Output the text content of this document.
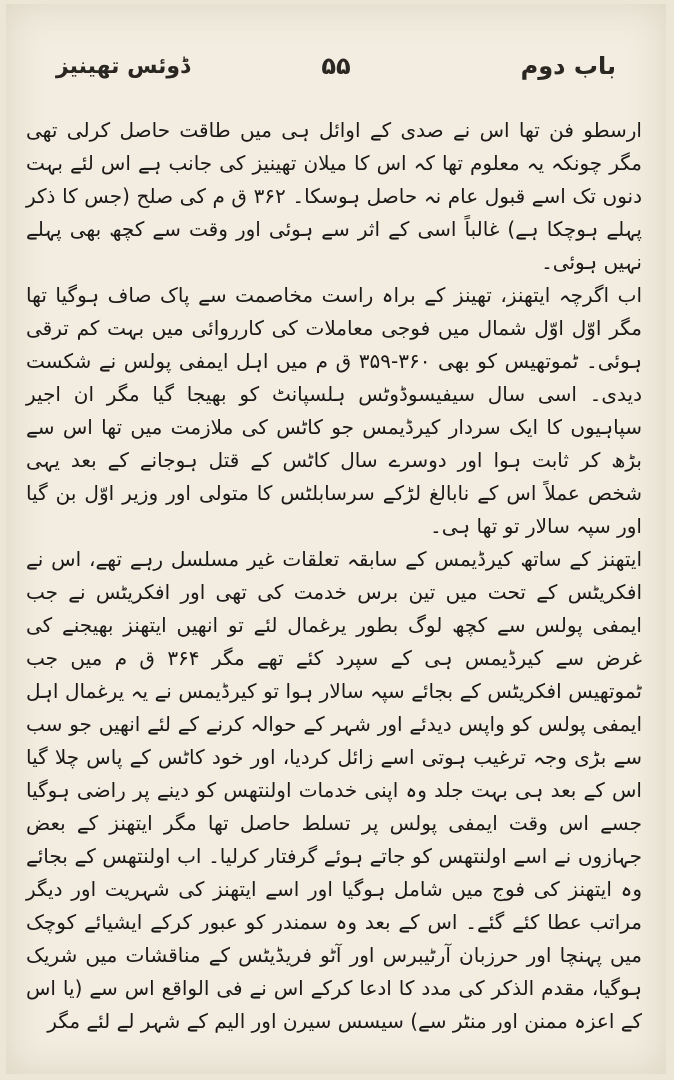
باب دوم
۵۵
ڈوئس تھینیز

ارسطو فن تھا اس نے صدی کے اوائل ہی میں طاقت حاصل کرلی تھی مگر چونکہ یہ معلوم تھا کہ اس کا میلان تھینیز کی جانب ہے اس لئے بہت دنوں تک اسے قبول عام نہ حاصل ہوسکا۔ ۳۶۲ ق م کی صلح (جس کا ذکر پہلے ہوچکا ہے) غالباً اسی کے اثر سے ہوئی اور وقت سے کچھ بھی پہلے نہیں ہوئی۔

اب اگرچہ ایتھنز، تھینز کے براہ راست مخاصمت سے پاک صاف ہوگیا تھا مگر اوّل اوّل شمال میں فوجی معاملات کی کارروائی میں بہت کم ترقی ہوئی۔ ٹموتھیس کو بھی ۳۶۰-۳۵۹ ق م میں اہل ایمفی پولس نے شکست دیدی۔ اسی سال سیفیسوڈوٹس ہلسپانٹ کو بھیجا گیا مگر ان اجیر سپاہیوں کا ایک سردار کیرڈیمس جو کاٹس کی ملازمت میں تھا اس سے بڑھ کر ثابت ہوا اور دوسرے سال کاٹس کے قتل ہوجانے کے بعد یہی شخص عملاً اس کے نابالغ لڑکے سرسابلٹس کا متولی اور وزیر اوّل بن گیا اور سپہ سالار تو تھا ہی۔

ایتھنز کے ساتھ کیرڈیمس کے سابقہ تعلقات غیر مسلسل رہے تھے، اس نے افکریٹس کے تحت میں تین برس خدمت کی تھی اور افکریٹس نے جب ایمفی پولس سے کچھ لوگ بطور یرغمال لئے تو انھیں ایتھنز بھیجنے کی غرض سے کیرڈیمس ہی کے سپرد کئے تھے مگر ۳۶۴ ق م میں جب ٹموتھیس افکریٹس کے بجائے سپہ سالار ہوا تو کیرڈیمس نے یہ یرغمال اہل ایمفی پولس کو واپس دیدئے اور شہر کے حوالہ کرنے کے لئے انھیں جو سب سے بڑی وجہ ترغیب ہوتی اسے زائل کردیا، اور خود کاٹس کے پاس چلا گیا اس کے بعد ہی بہت جلد وہ اپنی خدمات اولنتھس کو دینے پر راضی ہوگیا جسے اس وقت ایمفی پولس پر تسلط حاصل تھا مگر ایتھنز کے بعض جہازوں نے اسے اولنتھس کو جاتے ہوئے گرفتار کرلیا۔ اب اولنتھس کے بجائے وہ ایتھنز کی فوج میں شامل ہوگیا اور اسے ایتھنز کی شہریت اور دیگر مراتب عطا کئے گئے۔ اس کے بعد وہ سمندر کو عبور کرکے ایشیائے کوچک میں پہنچا اور حرزبان آرٹیبرس اور آٹو فریڈیٹس کے مناقشات میں شریک ہوگیا، مقدم الذکر کی مدد کا ادعا کرکے اس نے فی الواقع اس سے (یا اس کے اعزہ ممنن اور منٹر سے) سیسس سیرن اور الیم کے شہر لے لئے مگر
